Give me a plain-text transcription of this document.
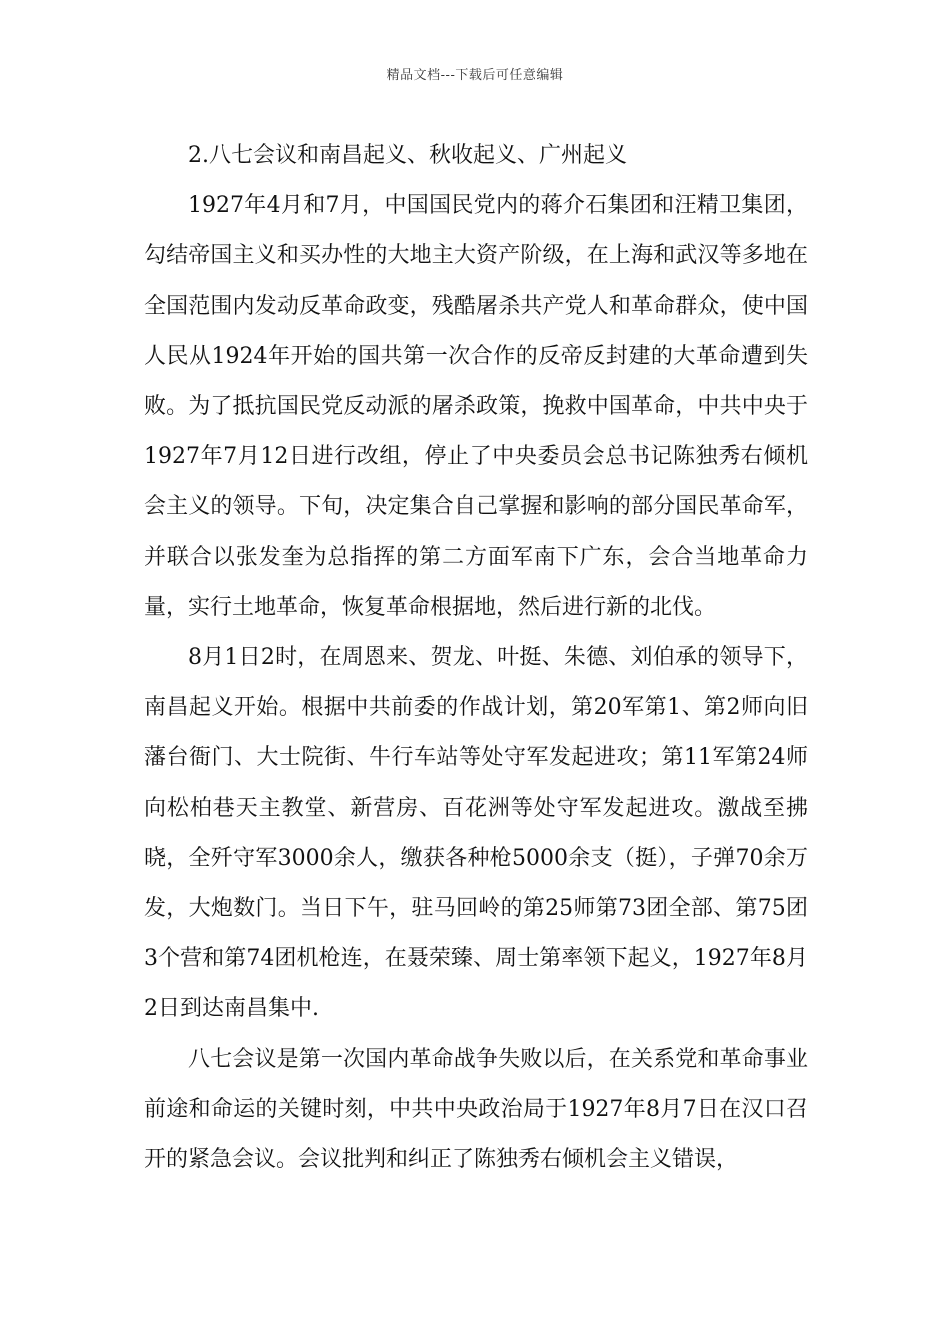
精品文档---下载后可任意编辑

2.八七会议和南昌起义、秋收起义、广州起义

1927年4月和7月，中国国民党内的蒋介石集团和汪精卫集团，勾结帝国主义和买办性的大地主大资产阶级，在上海和武汉等多地在全国范围内发动反革命政变，残酷屠杀共产党人和革命群众，使中国人民从1924年开始的国共第一次合作的反帝反封建的大革命遭到失败。为了抵抗国民党反动派的屠杀政策，挽救中国革命，中共中央于1927年7月12日进行改组，停止了中央委员会总书记陈独秀右倾机会主义的领导。下旬，决定集合自己掌握和影响的部分国民革命军，并联合以张发奎为总指挥的第二方面军南下广东，会合当地革命力量，实行土地革命，恢复革命根据地，然后进行新的北伐。

8月1日2时，在周恩来、贺龙、叶挺、朱德、刘伯承的领导下，南昌起义开始。根据中共前委的作战计划，第20军第1、第2师向旧藩台衙门、大士院街、牛行车站等处守军发起进攻；第11军第24师向松柏巷天主教堂、新营房、百花洲等处守军发起进攻。激战至拂晓，全歼守军3000余人，缴获各种枪5000余支（挺），子弹70余万发，大炮数门。当日下午，驻马回岭的第25师第73团全部、第75团3个营和第74团机枪连，在聂荣臻、周士第率领下起义，1927年8月2日到达南昌集中.

八七会议是第一次国内革命战争失败以后，在关系党和革命事业前途和命运的关键时刻，中共中央政治局于1927年8月7日在汉口召开的紧急会议。会议批判和纠正了陈独秀右倾机会主义错误，
